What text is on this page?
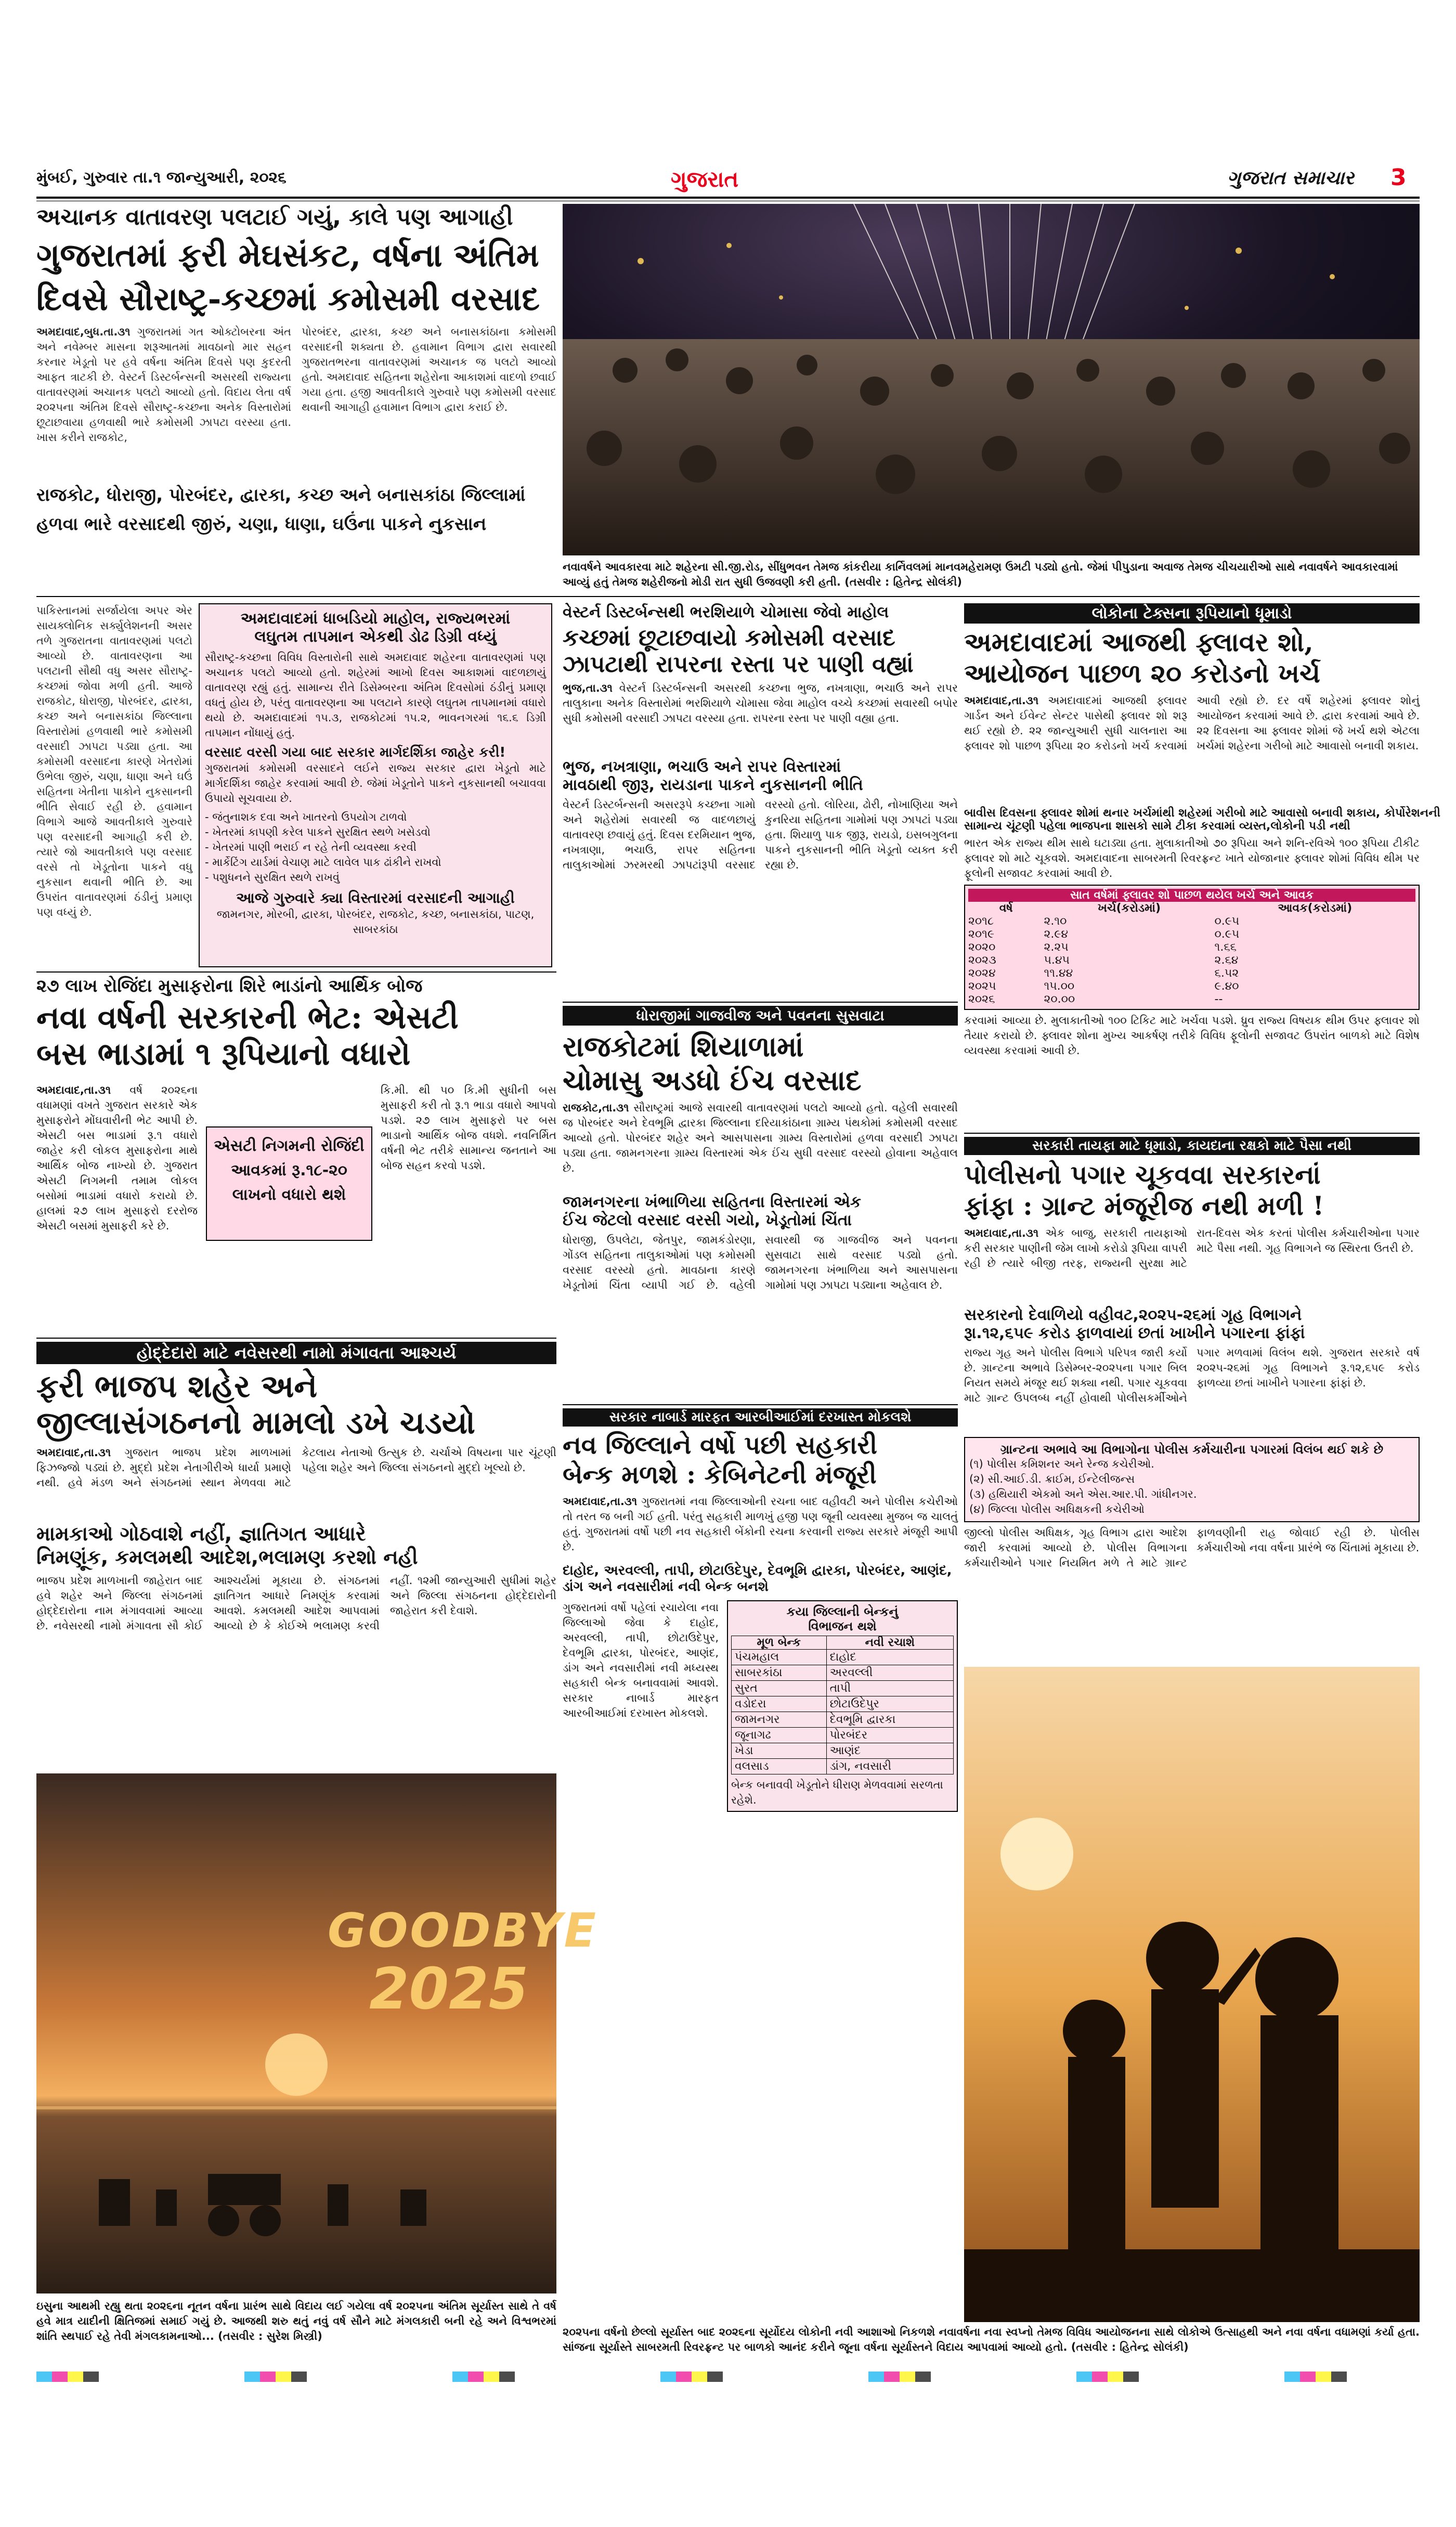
મુંબઈ, ગુરુવાર તા.૧ જાન્યુઆરી, ૨૦૨૬	ગુજરાત	ગુજરાત સમાચાર 3
અચાનક વાતાવરણ પલટાઈ ગયું, કાલે પણ આગાહી
ગુજરાતમાં ફરી મેઘસંકટ, વર્ષના અંતિમ
દિવસે સૌરાષ્ટ્ર-કચ્છમાં કમોસમી વરસાદ
અમદાવાદ,બુધ.તા.૩૧ ગુજરાતમાં ગત ઓક્ટોબરના અંત અને નવેમ્બર માસના શરૂઆતમાં માવઠાનો માર સહન કરનાર ખેડૂતો પર હવે વર્ષના અંતિમ દિવસે પણ કુદરતી આફત ત્રાટકી છે. વેસ્ટર્ન ડિસ્ટર્બન્સની અસરથી રાજ્યના વાતાવરણમાં અચાનક પલટો આવ્યો હતો. વિદાય લેતા વર્ષ ૨૦૨૫ના અંતિમ દિવસે સૌરાષ્ટ્ર-કચ્છના અનેક વિસ્તારોમાં છૂટાછવાયા હળવાથી ભારે કમોસમી ઝાપટા વરસ્યા હતા. ખાસ કરીને રાજકોટ,
પોરબંદર, દ્વારકા, કચ્છ અને બનાસકાંઠાના કમોસમી વરસાદની શક્યતા છે. હવામાન વિભાગ દ્વારા સવારથી ગુજરાતભરના વાતાવરણમાં અચાનક જ પલટો આવ્યો હતો. અમદાવાદ સહિતના શહેરોના આકાશમાં વાદળો છવાઈ ગયા હતા. હજી આવતીકાલે ગુરુવારે પણ કમોસમી વરસાદ થવાની આગાહી હવામાન વિભાગ દ્વારા કરાઈ છે.
રાજકોટ, ધોરાજી, પોરબંદર, દ્વારકા, કચ્છ અને બનાસકાંઠા જિલ્લામાં
હળવા ભારે વરસાદથી જીરું, ચણા, ધાણા, ઘઉંના પાકને નુકસાન
નવાવર્ષને આવકારવા માટે શહેરના સી.જી.રોડ, સીંધુભવન તેમજ કાંકરીયા કાર્નિવલમાં માનવમહેરામણ ઉમટી પડ્યો હતો. જેમાં પીપુડાના અવાજ તેમજ ચીચયારીઓ સાથે નવાવર્ષને આવકારવામાં આવ્યું હતું તેમજ શહેરીજનો મોડી રાત સુધી ઉજવણી કરી હતી. (તસવીર : હિતેન્દ્ર સોલંકી)
પાકિસ્તાનમાં સર્જાયેલા અપર એર સાયક્લોનિક સર્ક્યુલેશનની અસર તળે ગુજરાતના વાતાવરણમાં પલટો આવ્યો છે. વાતાવરણના આ પલટાની સૌથી વધુ અસર સૌરાષ્ટ્ર-કચ્છમાં જોવા મળી હતી. આજે રાજકોટ, ધોરાજી, પોરબંદર, દ્વારકા, કચ્છ અને બનાસકાંઠા જિલ્લાના વિસ્તારોમાં હળવાથી ભારે કમોસમી વરસાદી ઝાપટા પડ્યા હતા. આ કમોસમી વરસાદના કારણે ખેતરોમાં ઉભેલા જીરું, ચણા, ધાણા અને ઘઉં સહિતના ખેતીના પાકોને નુકસાનની ભીતિ સેવાઈ રહી છે. હવામાન વિભાગે આજે આવતીકાલે ગુરુવારે પણ વરસાદની આગાહી કરી છે. ત્યારે જો આવતીકાલે પણ વરસાદ વરસે તો ખેડૂતોના પાકને વધુ નુકસાન થવાની ભીતિ છે. આ ઉપરાંત વાતાવરણમાં ઠંડીનું પ્રમાણ પણ વધ્યું છે.
અમદાવાદમાં ધાબડિયો માહોલ, રાજ્યભરમાં
લઘુતમ તાપમાન એકથી ડોઢ ડિગ્રી વધ્યું
સૌરાષ્ટ્ર-કચ્છના વિવિધ વિસ્તારોની સાથે અમદાવાદ શહેરના વાતાવરણમાં પણ અચાનક પલટો આવ્યો હતો. શહેરમાં આખો દિવસ આકાશમાં વાદળછાયું વાતાવરણ રહ્યું હતું. સામાન્ય રીતે ડિસેમ્બરના અંતિમ દિવસોમાં ઠંડીનું પ્રમાણ વધતું હોય છે, પરંતુ વાતાવરણના આ પલટાને કારણે લઘુતમ તાપમાનમાં વધારો થયો છે. અમદાવાદમાં ૧૫.૩, રાજકોટમાં ૧૫.૨, ભાવનગરમાં ૧૬.૬ ડિગ્રી તાપમાન નોંધાયું હતું.
વરસાદ વરસી ગયા બાદ સરકાર માર્ગદર્શિકા જાહેર કરી!
ગુજરાતમાં કમોસમી વરસાદને લઈને રાજ્ય સરકાર દ્વારા ખેડૂતો માટે માર્ગદર્શિકા જાહેર કરવામાં આવી છે. જેમાં ખેડૂતોને પાકને નુકસાનથી બચાવવા ઉપાયો સૂચવાયા છે.
- જંતુનાશક દવા અને ખાતરનો ઉપયોગ ટાળવો
- ખેતરમાં કાપણી કરેલ પાકને સુરક્ષિત સ્થળે ખસેડવો
- ખેતરમાં પાણી ભરાઈ ન રહે તેની વ્યવસ્થા કરવી
- માર્કેટિંગ યાર્ડમાં વેચાણ માટે લાવેલ પાક ઢાંકીને રાખવો
- પશુધનને સુરક્ષિત સ્થળે રાખવું
આજે ગુરુવારે ક્યા વિસ્તારમાં વરસાદની આગાહી
જામનગર, મોરબી, દ્વારકા, પોરબંદર, રાજકોટ, કચ્છ, બનાસકાંઠા, પાટણ, સાબરકાંઠા
વેસ્ટર્ન ડિસ્ટર્બન્સથી ભરશિયાળે ચોમાસા જેવો માહોલ
કચ્છમાં છૂટાછવાયો કમોસમી વરસાદ
ઝાપટાથી રાપરના રસ્તા પર પાણી વહ્યાં
ભુજ,તા.૩૧ વેસ્ટર્ન ડિસ્ટર્બન્સની અસરથી કચ્છના ભુજ, નખત્રાણા, ભચાઉ અને રાપર તાલુકાના અનેક વિસ્તારોમાં ભરશિયાળે ચોમાસા જેવા માહોલ વચ્ચે કચ્છમાં સવારથી બપોર સુધી કમોસમી વરસાદી ઝાપટા વરસ્યા હતા. રાપરના રસ્તા પર પાણી વહ્યા હતા.
ભુજ, નખત્રાણા, ભચાઉ અને રાપર વિસ્તારમાં
માવઠાથી જીરૂ, રાયડાના પાકને નુકસાનની ભીતિ
વેસ્ટર્ન ડિસ્ટર્બન્સની અસરરૂપે કચ્છના ગામો અને શહેરોમાં સવારથી જ વાદળછાયું વાતાવરણ છવાયું હતું. દિવસ દરમિયાન ભુજ, નખત્રાણા, ભચાઉ, રાપર સહિતના તાલુકાઓમાં ઝરમરથી ઝાપટાંરૂપી વરસાદ વરસ્યો હતો. લોરિયા, ઢોરી, નોખાણિયા અને કુનરિયા સહિતના ગામોમાં પણ ઝાપટાં પડ્યા હતા. શિયાળુ પાક જીરૂ, રાયડો, ઇસબગુલના પાકને નુકસાનની ભીતિ ખેડૂતો વ્યક્ત કરી રહ્યા છે.
લોકોના ટેક્સના રૂપિયાનો ધૂમાડો
અમદાવાદમાં આજથી ફ્લાવર શો,
આયોજન પાછળ ૨૦ કરોડનો ખર્ચ
અમદાવાદ,તા.૩૧ અમદાવાદમાં આજથી ફ્લાવર ગાર્ડન અને ઈવેન્ટ સેન્ટર પાસેથી ફ્લાવર શો શરૂ થઈ રહ્યો છે. ૨૨ જાન્યુઆરી સુધી ચાલનારા આ ફ્લાવર શો પાછળ રૂપિયા ૨૦ કરોડનો ખર્ચ કરવામાં આવી રહ્યો છે. દર વર્ષે શહેરમાં ફ્લાવર શોનું આયોજન કરવામાં આવે છે. દ્વારા કરવામાં આવે છે. ૨૨ દિવસના આ ફ્લાવર શોમાં જે ખર્ચ થશે એટલા ખર્ચમાં શહેરના ગરીબો માટે આવાસો બનાવી શકાય.
બાવીસ દિવસના ફ્લાવર શોમાં થનાર ખર્ચમાંથી શહેરમાં ગરીબો માટે આવાસો બનાવી શકાય, કોર્પોરેશનની
સામાન્ય ચૂંટણી પહેલા ભાજપના શાસકો સામે ટીકા કરવામાં વ્યસ્ત,લોકોની પડી નથી
ભારત એક રાજ્ય થીમ સાથે ઘટાડ્યા હતા. મુલાકાતીઓ ૭૦ રૂપિયા અને શનિ-રવિએ ૧૦૦ રૂપિયા ટીકીટ ફ્લાવર શો માટે ચૂકવશે. અમદાવાદના સાબરમતી રિવરફ્રન્ટ ખાતે યોજાનાર ફ્લાવર શોમાં વિવિધ થીમ પર ફૂલોની સજાવટ કરવામાં આવી છે.
સાત વર્ષમાં ફ્લાવર શો પાછળ થયેલ ખર્ચ અને આવક
વર્ષ	ખર્ચ(કરોડમાં)	આવક(કરોડમાં)
૨૦૧૮	૨.૧૦	૦.૯૫
૨૦૧૯	૨.૯૪	૦.૯૫
૨૦૨૦	૨.૨૫	૧.૬૬
૨૦૨૩	૫.૪૫	૨.૬૪
૨૦૨૪	૧૧.૪૪	૬.૫૨
૨૦૨૫	૧૫.૦૦	૯.૪૦
૨૦૨૬	૨૦.૦૦	--
કરવામાં આવ્યા છે. મુલાકાતીઓ ૧૦૦ ટિકિટ માટે ખર્ચવા પડશે. ધ્રુવ રાજ્ય વિષયક થીમ ઉપર ફ્લાવર શો તૈયાર કરાયો છે. ફ્લાવર શોના મુખ્ય આકર્ષણ તરીકે વિવિધ ફૂલોની સજાવટ ઉપરાંત બાળકો માટે વિશેષ વ્યવસ્થા કરવામાં આવી છે.
ધોરાજીમાં ગાજવીજ અને પવનના સુસવાટા
રાજકોટમાં શિયાળામાં
ચોમાસુ અડધો ઈંચ વરસાદ
રાજકોટ,તા.૩૧ સૌરાષ્ટ્રમાં આજે સવારથી વાતાવરણમાં પલટો આવ્યો હતો. વહેલી સવારથી જ પોરબંદર અને દેવભૂમિ દ્વારકા જિલ્લાના દરિયાકાંઠાના ગ્રામ્ય પંથકોમાં કમોસમી વરસાદ આવ્યો હતો. પોરબંદર શહેર અને આસપાસના ગ્રામ્ય વિસ્તારોમાં હળવા વરસાદી ઝાપટા પડ્યા હતા. જામનગરના ગ્રામ્ય વિસ્તારમાં એક ઈંચ સુધી વરસાદ વરસ્યો હોવાના અહેવાલ છે.
જામનગરના ખંભાળિયા સહિતના વિસ્તારમાં એક
ઈંચ જેટલો વરસાદ વરસી ગયો, ખેડૂતોમાં ચિંતા
ધોરાજી, ઉપલેટા, જેતપુર, જામકંડોરણા, ગોંડલ સહિતના તાલુકાઓમાં પણ કમોસમી વરસાદ વરસ્યો હતો. માવઠાના કારણે ખેડૂતોમાં ચિંતા વ્યાપી ગઈ છે. વહેલી સવારથી જ ગાજવીજ અને પવનના સુસવાટા સાથે વરસાદ પડ્યો હતો. જામનગરના ખંભાળિયા અને આસપાસના ગામોમાં પણ ઝાપટા પડ્યાના અહેવાલ છે.
૨૭ લાખ રોજિંદા મુસાફરોના શિરે ભાડાંનો આર્થિક બોજ
નવા વર્ષની સરકારની ભેટ: એસટી
બસ ભાડામાં ૧ રૂપિયાનો વધારો
અમદાવાદ,તા.૩૧ વર્ષ ૨૦૨૬ના વધામણાં વખતે ગુજરાત સરકારે એક મુસાફરોને મોંઘવારીની ભેટ આપી છે. એસટી બસ ભાડામાં રૂ.૧ વધારો જાહેર કરી લોકલ મુસાફરોના માથે આર્થિક બોજ નાખ્યો છે. ગુજરાત એસટી નિગમની તમામ લોકલ બસોમાં ભાડામાં વધારો કરાયો છે. હાલમાં ૨૭ લાખ મુસાફરો દરરોજ એસટી બસમાં મુસાફરી કરે છે.
એસટી નિગમની રોજિંદી
આવકમાં રૂ.૧૮-૨૦
લાખનો વધારો થશે
કિ.મી. થી ૫૦ કિ.મી સુધીની બસ મુસાફરી કરી તો રૂ.૧ ભાડા વધારો આપવો પડશે. ૨૭ લાખ મુસાફરો પર બસ ભાડાનો આર્થિક બોજ વધશે. નવનિર્મિત વર્ષની ભેટ તરીકે સામાન્ય જનતાને આ બોજ સહન કરવો પડશે.
હોદ્દેદારો માટે નવેસરથી નામો મંગાવતા આશ્ચર્ય
ફરી ભાજપ શહેર અને
જીલ્લાસંગઠનનો મામલો ડખે ચડયો
અમદાવાદ,તા.૩૧ ગુજરાત ભાજપ પ્રદેશ માળખામાં ફિઝજ્જો પડ્યાં છે. મુદ્દો પ્રદેશ નેતાગીરીએ ધાર્યા પ્રમાણે નથી. હવે મંડળ અને સંગઠનમાં સ્થાન મેળવવા માટે કેટલાય નેતાઓ ઉત્સુક છે. ચર્ચાએ વિષયના પાર ચૂંટણી પહેલા શહેર અને જિલ્લા સંગઠનનો મુદ્દો ખૂલ્યો છે.
મામકાઓ ગોઠવાશે નહીં, જ્ઞાતિગત આધારે
નિમણૂંક, કમલમથી આદેશ,ભલામણ કરશો નહી
ભાજપ પ્રદેશ માળખાની જાહેરાત બાદ હવે શહેર અને જિલ્લા સંગઠનમાં હોદ્દેદારોના નામ મંગાવવામાં આવ્યા છે. નવેસરથી નામો મંગાવતા સૌ કોઈ આશ્ચર્યમાં મૂકાયા છે. સંગઠનમાં જ્ઞાતિગત આધારે નિમણૂંક કરવામાં આવશે. કમલમથી આદેશ આપવામાં આવ્યો છે કે કોઈએ ભલામણ કરવી નહીં. ૧૨મી જાન્યુઆરી સુધીમાં શહેર અને જિલ્લા સંગઠનના હોદ્દેદારોની જાહેરાત કરી દેવાશે.
સરકારી તાયફા માટે ધૂમાડો, કાયદાના રક્ષકો માટે પૈસા નથી
પોલીસનો પગાર ચૂકવવા સરકારનાં
ફાંફા : ગ્રાન્ટ મંજૂરીજ નથી મળી !
અમદાવાદ,તા.૩૧ એક બાજુ, સરકારી તાયફાઓ કરી સરકાર પાણીની જેમ લાખો કરોડો રૂપિયા વાપરી રહી છે ત્યારે બીજી તરફ, રાજ્યની સુરક્ષા માટે રાત-દિવસ એક કરતાં પોલીસ કર્મચારીઓના પગાર માટે પૈસા નથી. ગૃહ વિભાગને જ સ્થિરતા ઉતરી છે.
સરકારનો દેવાળિયો વહીવટ,૨૦૨૫-૨૬માં ગૃહ વિભાગને
રૂા.૧૨,૬૫૯ કરોડ ફાળવાયાં છતાં ખાખીને પગારના ફાંફાં
રાજ્ય ગૃહ અને પોલીસ વિભાગે પરિપત્ર જારી કર્યો છે. ગ્રાન્ટના અભાવે ડિસેમ્બર-૨૦૨૫ના પગાર બિલ નિયત સમયે મંજૂર થઈ શક્યા નથી. પગાર ચૂકવવા માટે ગ્રાન્ટ ઉપલબ્ધ નહીં હોવાથી પોલીસકર્મીઓને પગાર મળવામાં વિલંબ થશે. ગુજરાત સરકારે વર્ષ ૨૦૨૫-૨૬માં ગૃહ વિભાગને રૂ.૧૨,૬૫૯ કરોડ ફાળવ્યા છતાં ખાખીને પગારના ફાંફાં છે.
ગ્રાન્ટના અભાવે આ વિભાગોના પોલીસ કર્મચારીના પગારમાં વિલંબ થઈ શકે છે
(૧) પોલીસ કમિશનર અને રેન્જ કચેરીઓ.
(૨) સી.આઈ.ડી. ક્રાઈમ, ઈન્ટેલીજન્સ
(૩) હથિયારી એકમો અને એસ.આર.પી. ગાંધીનગર.
(૪) જિલ્લા પોલીસ અધિક્ષકની કચેરીઓ
જીલ્લો પોલીસ અધિક્ષક, ગૃહ વિભાગ દ્વારા આદેશ જારી કરવામાં આવ્યો છે. પોલીસ વિભાગના કર્મચારીઓને પગાર નિયમિત મળે તે માટે ગ્રાન્ટ ફાળવણીની રાહ જોવાઈ રહી છે. પોલીસ કર્મચારીઓ નવા વર્ષના પ્રારંભે જ ચિંતામાં મૂકાયા છે.
સરકાર નાબાર્ડ મારફત આરબીઆઈમાં દરખાસ્ત મોકલશે
નવ જિલ્લાને વર્ષો પછી સહકારી
બેન્ક મળશે : કેબિનેટની મંજૂરી
અમદાવાદ,તા.૩૧ ગુજરાતમાં નવા જિલ્લાઓની રચના બાદ વહીવટી અને પોલીસ કચેરીઓ તો તરત જ બની ગઈ હતી. પરંતુ સહકારી માળખું હજી પણ જૂની વ્યવસ્થા મુજબ જ ચાલતું હતું. ગુજરાતમાં વર્ષો પછી નવ સહકારી બેંકોની રચના કરવાની રાજ્ય સરકારે મંજૂરી આપી છે.
દાહોદ, અરવલ્લી, તાપી, છોટાઉદેપુર, દેવભૂમિ દ્વારકા, પોરબંદર, આણંદ, ડાંગ અને નવસારીમાં નવી બેન્ક બનશે
ગુજરાતમાં વર્ષો પહેલાં રચાયેલા નવા જિલ્લાઓ જેવા કે દાહોદ, અરવલ્લી, તાપી, છોટાઉદેપુર, દેવભૂમિ દ્વારકા, પોરબંદર, આણંદ, ડાંગ અને નવસારીમાં નવી મધ્યસ્થ સહકારી બેન્ક બનાવવામાં આવશે. સરકાર નાબાર્ડ મારફત આરબીઆઈમાં દરખાસ્ત મોકલશે.
કયા જિલ્લાની બેન્કનું
વિભાજન થશે
મૂળ બેન્ક	નવી રચાશે
પંચમહાલ	દાહોદ
સાબરકાંઠા	અરવલ્લી
સુરત	તાપી
વડોદરા	છોટાઉદેપુર
જામનગર	દેવભૂમિ દ્વારકા
જૂનાગઢ	પોરબંદર
ખેડા	આણંદ
વલસાડ	ડાંગ, નવસારી
બેન્ક બનાવવી ખેડૂતોને ધીરાણ મેળવવામાં સરળતા રહેશે.
GOODBYE
2025
ઇસુના આથમી રહ્યુ થતા ૨૦૨૬ના નૂતન વર્ષના પ્રારંભ સાથે વિદાય લઈ ગયેલા વર્ષ ૨૦૨૫ના અંતિમ સૂર્યાસ્ત સાથે તે વર્ષ હવે માત્ર યાદીની ક્ષિતિજમાં સમાઈ ગયું છે. આજથી શરુ થતું નવું વર્ષ સૌને માટે મંગલકારી બની રહે અને વિશ્વભરમાં શાંતિ સ્થપાઈ રહે તેવી મંગલકામનાઓ... (તસવીર : સુરેશ મિસ્ત્રી)	૨૦૨૫ના વર્ષનો છેલ્લો સૂર્યાસ્ત બાદ ૨૦૨૬ના સૂર્યોદય લોકોની નવી આશાઓ નિકળશે નવાવર્ષના નવા સ્વપ્નો તેમજ વિવિધ આયોજનના સાથે લોકોએ ઉત્સાહથી અને નવા વર્ષના વધામણાં કર્યા હતા. સાંજના સૂર્યાસ્તે સાબરમતી રિવરફ્રન્ટ પર બાળકો આનંદ કરીને જૂના વર્ષના સૂર્યાસ્તને વિદાય આપવામાં આવ્યો હતો. (તસવીર : હિતેન્દ્ર સોલંકી)
